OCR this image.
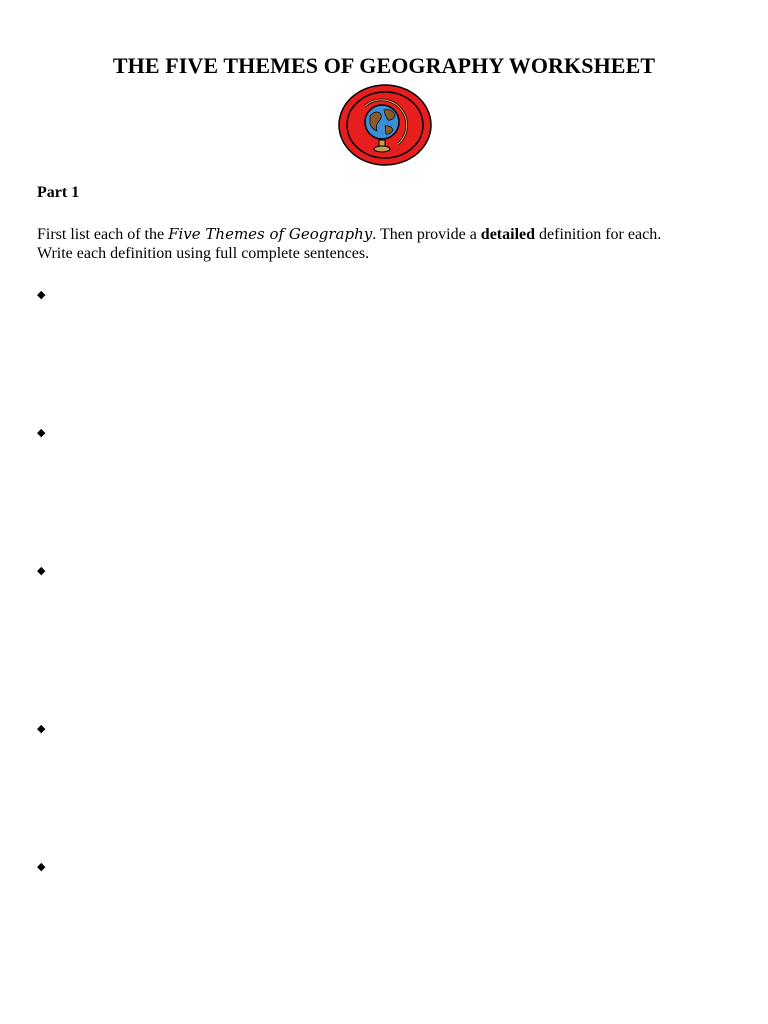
THE FIVE THEMES OF GEOGRAPHY WORKSHEET
Part 1
First list each of the Five Themes of Geography. Then provide a detailed definition for each.
Write each definition using full complete sentences.
◆
◆
◆
◆
◆
